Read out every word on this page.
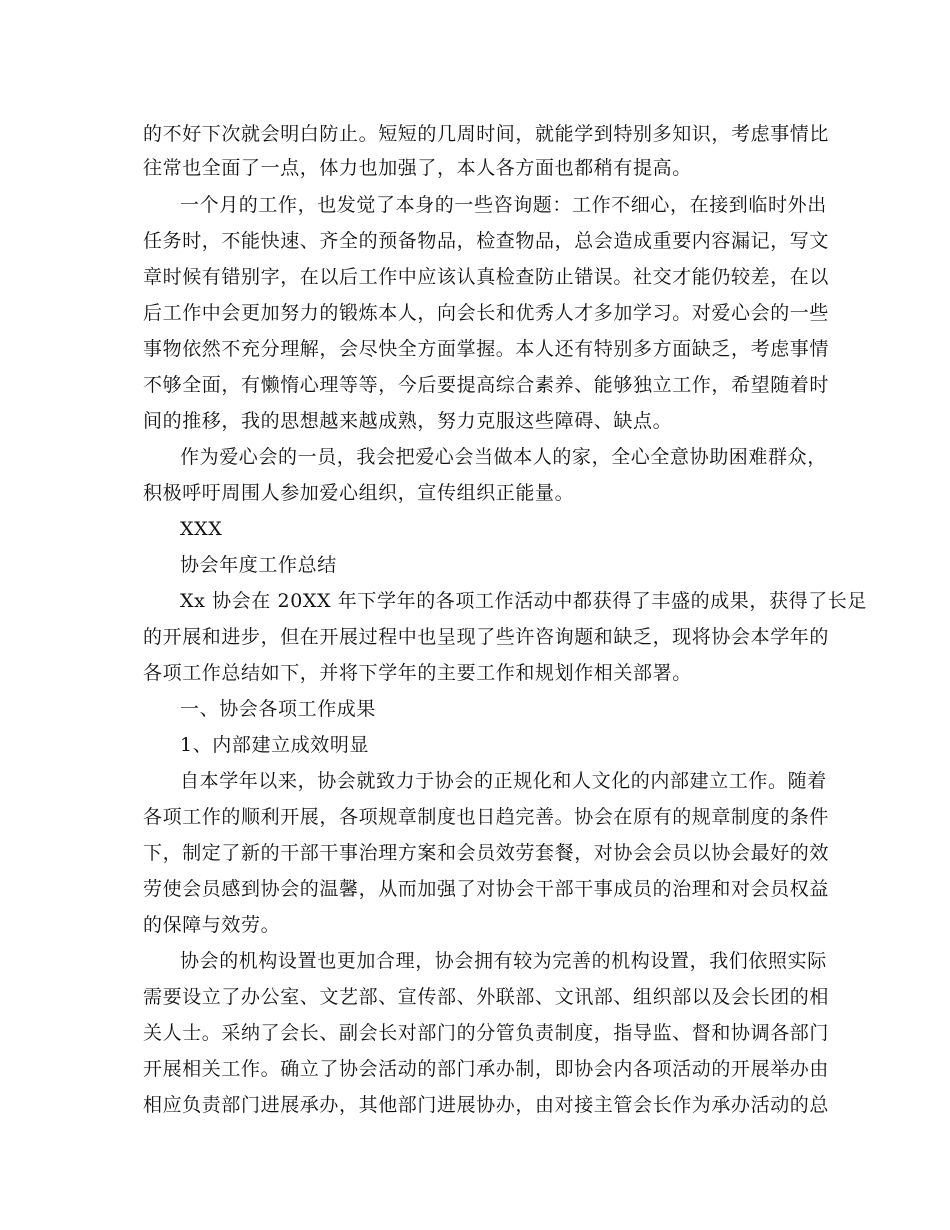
的不好下次就会明白防止。短短的几周时间，就能学到特别多知识，考虑事情比
往常也全面了一点，体力也加强了，本人各方面也都稍有提高。
一个月的工作，也发觉了本身的一些咨询题：工作不细心，在接到临时外出
任务时，不能快速、齐全的预备物品，检查物品，总会造成重要内容漏记，写文
章时候有错别字，在以后工作中应该认真检查防止错误。社交才能仍较差，在以
后工作中会更加努力的锻炼本人，向会长和优秀人才多加学习。对爱心会的一些
事物依然不充分理解，会尽快全方面掌握。本人还有特别多方面缺乏，考虑事情
不够全面，有懒惰心理等等，今后要提高综合素养、能够独立工作，希望随着时
间的推移，我的思想越来越成熟，努力克服这些障碍、缺点。
作为爱心会的一员，我会把爱心会当做本人的家，全心全意协助困难群众，
积极呼吁周围人参加爱心组织，宣传组织正能量。
XXX
协会年度工作总结
Xx 协会在 20XX 年下学年的各项工作活动中都获得了丰盛的成果，获得了长足
的开展和进步，但在开展过程中也呈现了些许咨询题和缺乏，现将协会本学年的
各项工作总结如下，并将下学年的主要工作和规划作相关部署。
一、协会各项工作成果
1、内部建立成效明显
自本学年以来，协会就致力于协会的正规化和人文化的内部建立工作。随着
各项工作的顺利开展，各项规章制度也日趋完善。协会在原有的规章制度的条件
下，制定了新的干部干事治理方案和会员效劳套餐，对协会会员以协会最好的效
劳使会员感到协会的温馨，从而加强了对协会干部干事成员的治理和对会员权益
的保障与效劳。
协会的机构设置也更加合理，协会拥有较为完善的机构设置，我们依照实际
需要设立了办公室、文艺部、宣传部、外联部、文讯部、组织部以及会长团的相
关人士。采纳了会长、副会长对部门的分管负责制度，指导监、督和协调各部门
开展相关工作。确立了协会活动的部门承办制，即协会内各项活动的开展举办由
相应负责部门进展承办，其他部门进展协办，由对接主管会长作为承办活动的总
